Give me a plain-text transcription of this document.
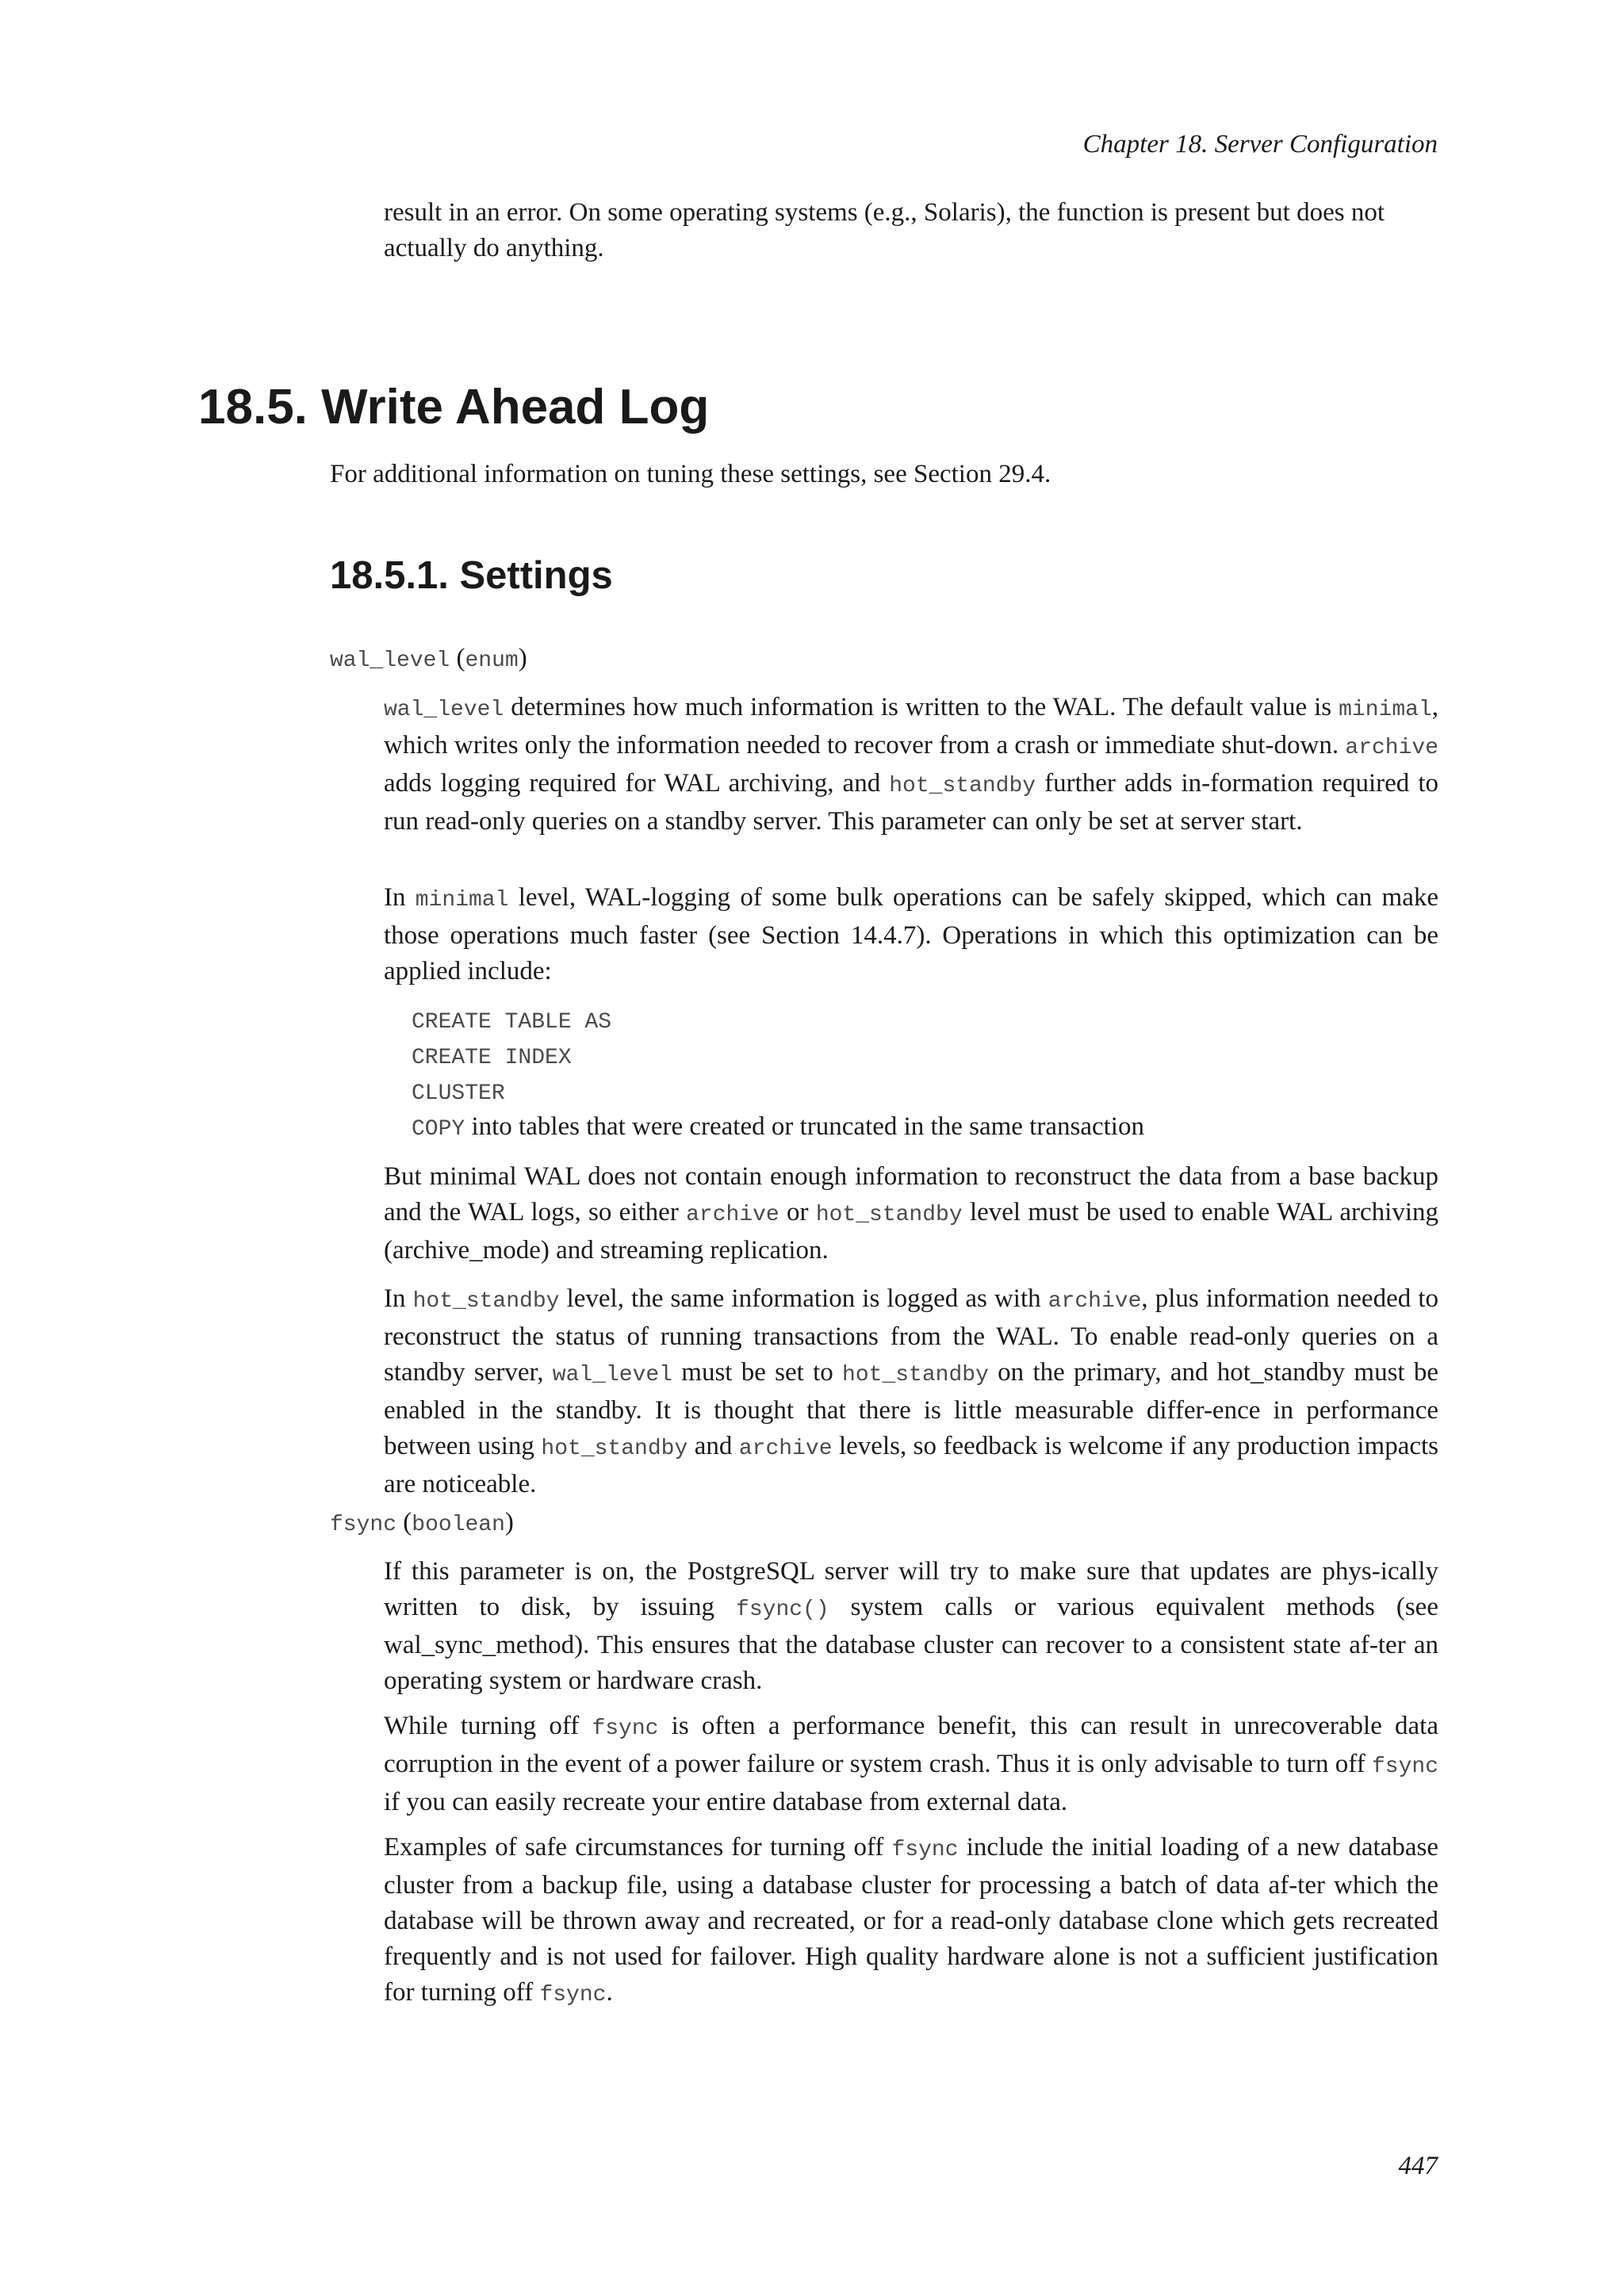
Chapter 18. Server Configuration
result in an error. On some operating systems (e.g., Solaris), the function is present but does not
actually do anything.
18.5. Write Ahead Log
For additional information on tuning these settings, see Section 29.4.
18.5.1. Settings
wal_level (enum)

wal_level determines how much information is written to the WAL. The default value is minimal, which writes only the information needed to recover from a crash or immediate shut-down. archive adds logging required for WAL archiving, and hot_standby further adds in-formation required to run read-only queries on a standby server. This parameter can only be set at server start.

In minimal level, WAL-logging of some bulk operations can be safely skipped, which can make those operations much faster (see Section 14.4.7). Operations in which this optimization can be applied include:

CREATE TABLE AS
CREATE INDEX
CLUSTER
COPY into tables that were created or truncated in the same transaction

But minimal WAL does not contain enough information to reconstruct the data from a base backup and the WAL logs, so either archive or hot_standby level must be used to enable WAL archiving (archive_mode) and streaming replication.

In hot_standby level, the same information is logged as with archive, plus information needed to reconstruct the status of running transactions from the WAL. To enable read-only queries on a standby server, wal_level must be set to hot_standby on the primary, and hot_standby must be enabled in the standby. It is thought that there is little measurable differ-ence in performance between using hot_standby and archive levels, so feedback is welcome if any production impacts are noticeable.

fsync (boolean)

If this parameter is on, the PostgreSQL server will try to make sure that updates are phys-ically written to disk, by issuing fsync() system calls or various equivalent methods (see wal_sync_method). This ensures that the database cluster can recover to a consistent state af-ter an operating system or hardware crash.

While turning off fsync is often a performance benefit, this can result in unrecoverable data corruption in the event of a power failure or system crash. Thus it is only advisable to turn off fsync if you can easily recreate your entire database from external data.

Examples of safe circumstances for turning off fsync include the initial loading of a new database cluster from a backup file, using a database cluster for processing a batch of data af-ter which the database will be thrown away and recreated, or for a read-only database clone which gets recreated frequently and is not used for failover. High quality hardware alone is not a sufficient justification for turning off fsync.

447
